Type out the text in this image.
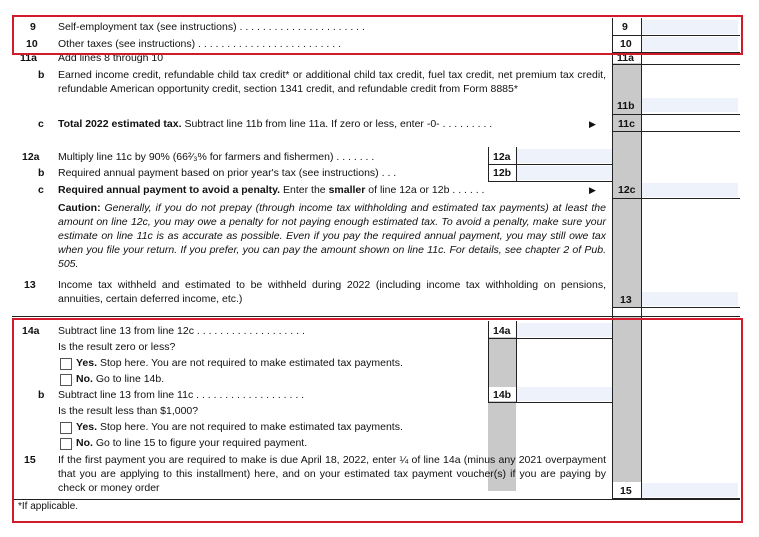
9 Self-employment tax (see instructions) . . . . . . . . . . . . . . . . . . . . . .	9
10 Other taxes (see instructions) . . . . . . . . . . . . . . . . . . . . . . . . .	10
11a Add lines 8 through 10	11a
b Earned income credit, refundable child tax credit* or additional child tax credit, fuel tax credit, net premium tax credit, refundable American opportunity credit, section 1341 credit, and refundable credit from Form 8885*
11b
c Total 2022 estimated tax. Subtract line 11b from line 11a. If zero or less, enter -0- . . . . . . . . .	▶ 11c
12a Multiply line 11c by 90% (66²⁄₃% for farmers and fishermen) . . . . . . .	12a
b Required annual payment based on prior year's tax (see instructions) . . .	12b
c Required annual payment to avoid a penalty. Enter the smaller of line 12a or 12b . . . . . .	▶ 12c
Caution: Generally, if you do not prepay (through income tax withholding and estimated tax payments) at least the amount on line 12c, you may owe a penalty for not paying enough estimated tax. To avoid a penalty, make sure your estimate on line 11c is as accurate as possible. Even if you pay the required annual payment, you may still owe tax when you file your return. If you prefer, you can pay the amount shown on line 11c. For details, see chapter 2 of Pub. 505.
13 Income tax withheld and estimated to be withheld during 2022 (including income tax withholding on pensions, annuities, certain deferred income, etc.)	13
14a Subtract line 13 from line 12c . . . . . . . . . . . . . . . . . . .	14a
Is the result zero or less?
Yes. Stop here. You are not required to make estimated tax payments.
No. Go to line 14b.
b Subtract line 13 from line 11c . . . . . . . . . . . . . . . . . . .	14b
Is the result less than $1,000?
Yes. Stop here. You are not required to make estimated tax payments.
No. Go to line 15 to figure your required payment.
15 If the first payment you are required to make is due April 18, 2022, enter ¼ of line 14a (minus any 2021 overpayment that you are applying to this installment) here, and on your estimated tax payment voucher(s) if you are paying by check or money order	15
*If applicable.
